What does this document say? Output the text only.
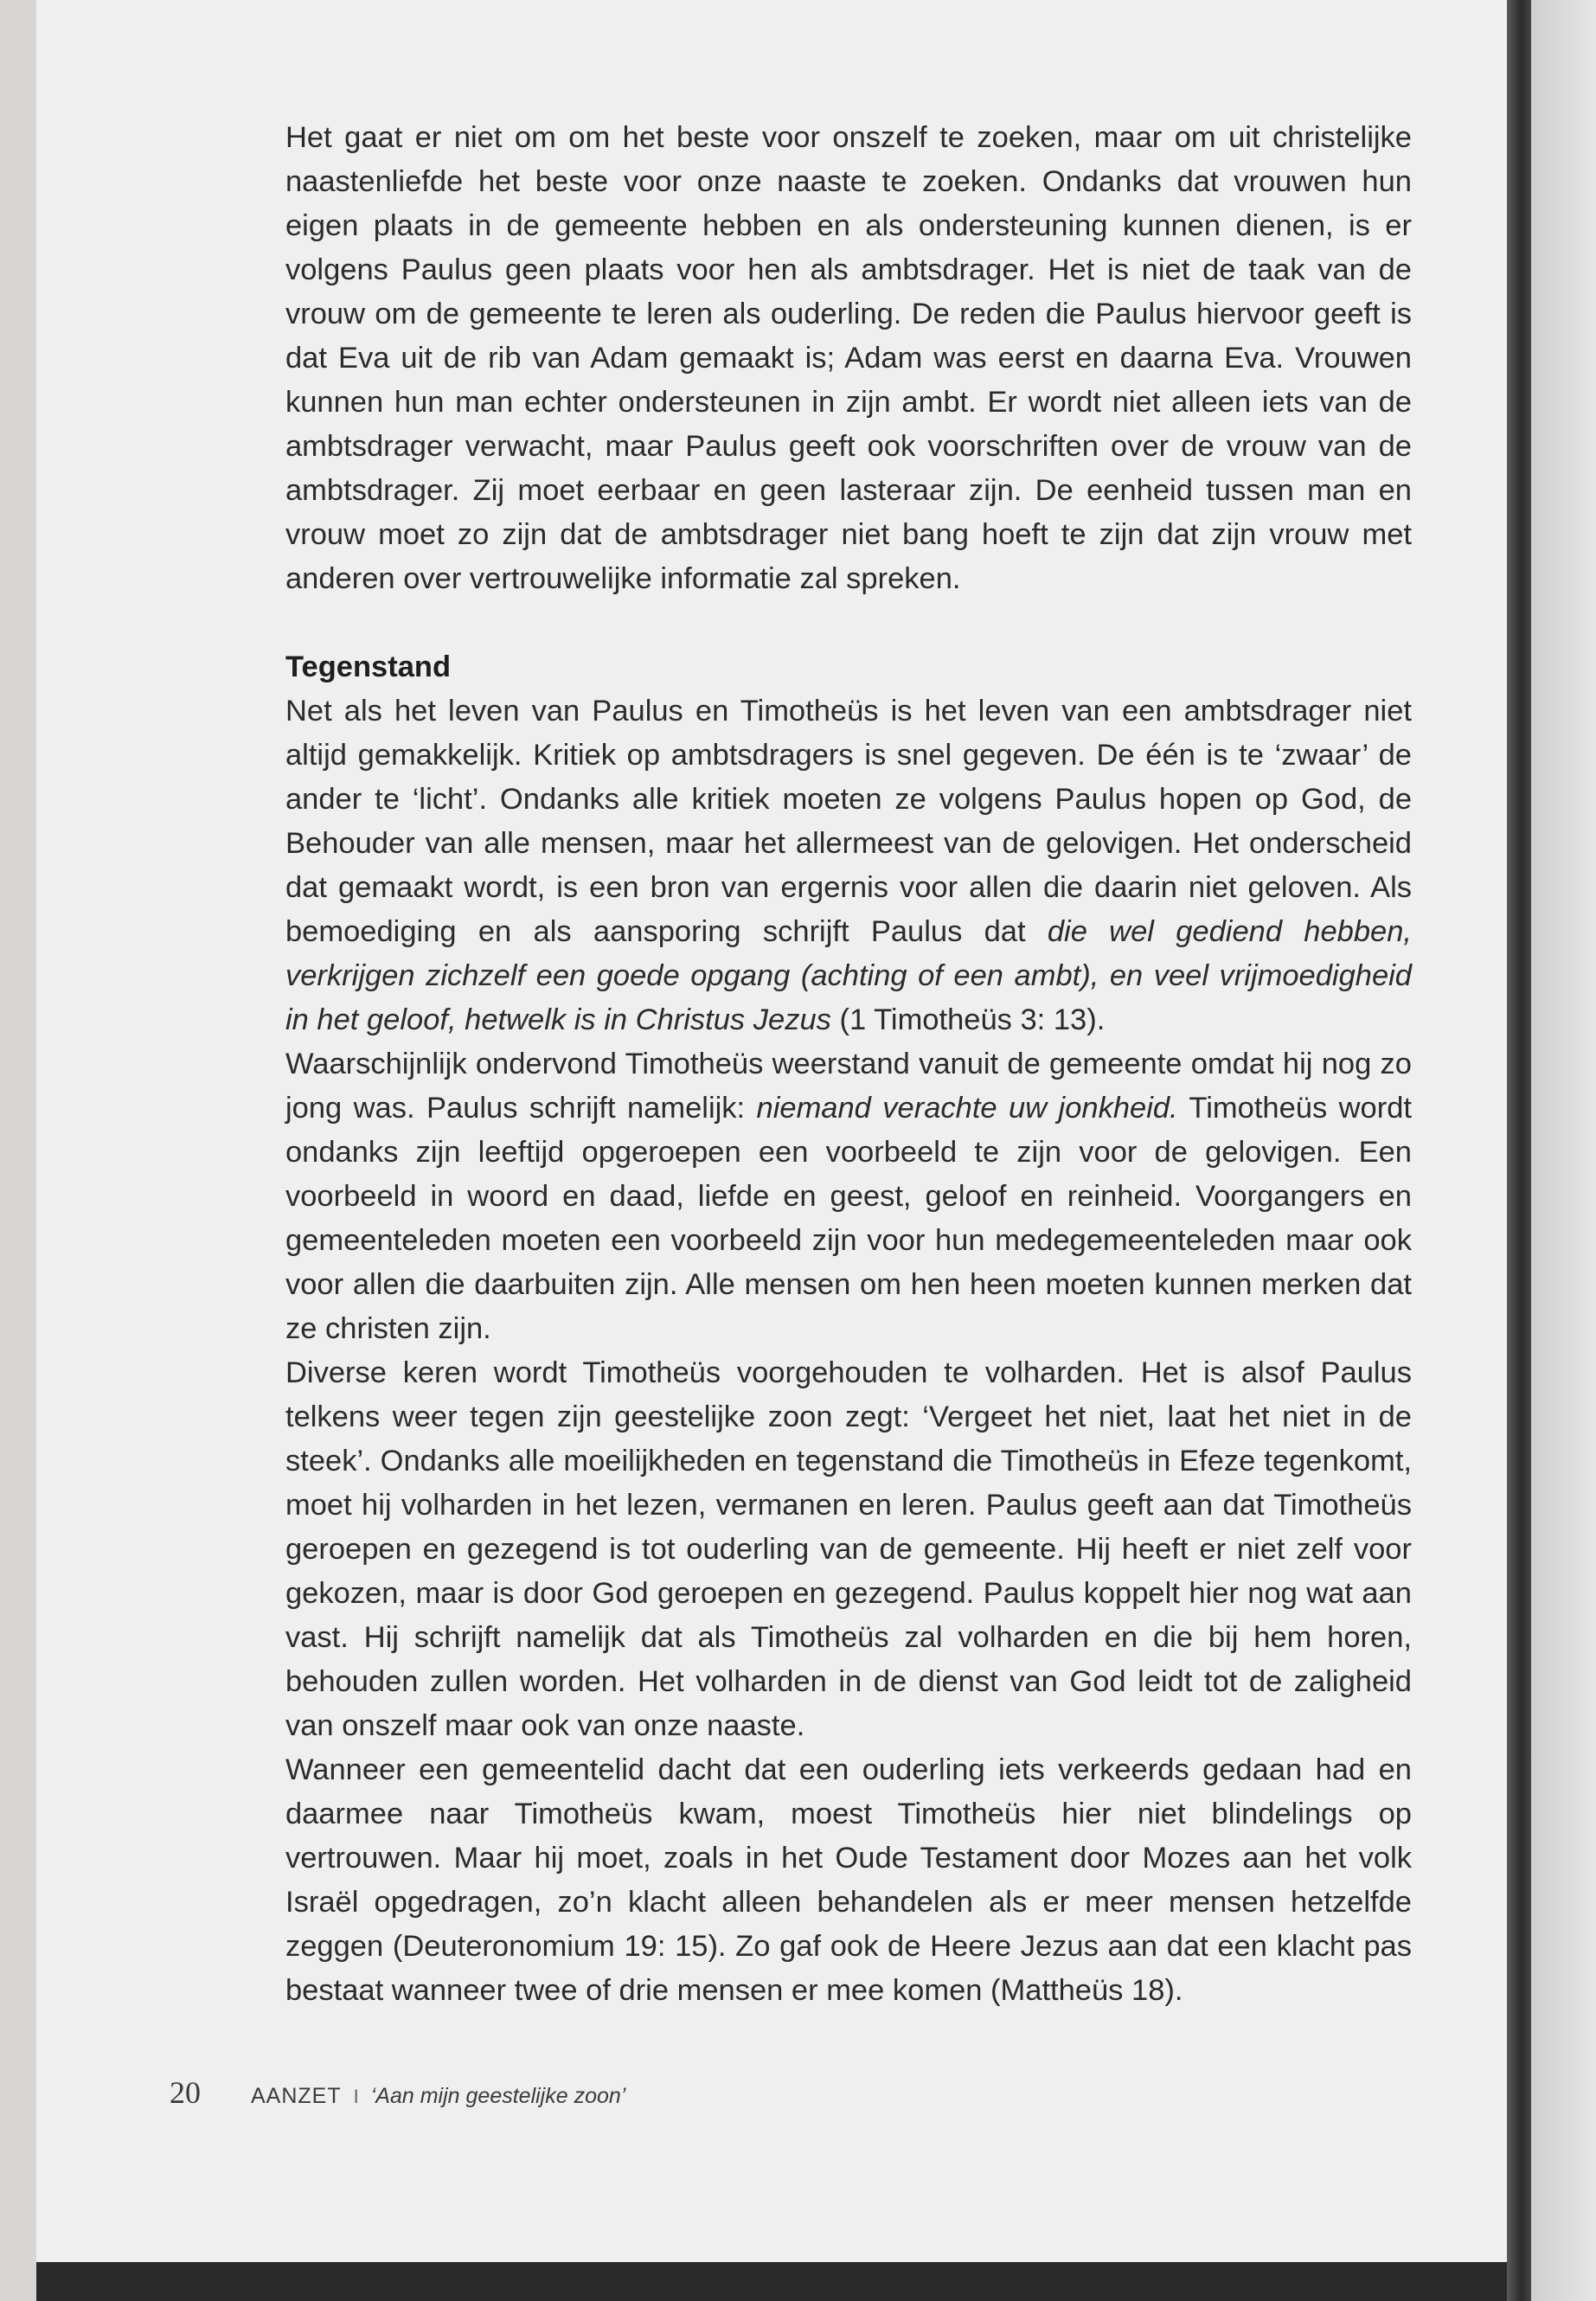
Het gaat er niet om om het beste voor onszelf te zoeken, maar om uit christelijke naastenliefde het beste voor onze naaste te zoeken. Ondanks dat vrouwen hun eigen plaats in de gemeente hebben en als ondersteuning kunnen dienen, is er volgens Paulus geen plaats voor hen als ambtsdrager. Het is niet de taak van de vrouw om de gemeente te leren als ouderling. De reden die Paulus hiervoor geeft is dat Eva uit de rib van Adam gemaakt is; Adam was eerst en daarna Eva. Vrouwen kunnen hun man echter ondersteunen in zijn ambt. Er wordt niet alleen iets van de ambtsdrager verwacht, maar Paulus geeft ook voorschriften over de vrouw van de ambtsdrager. Zij moet eerbaar en geen lasteraar zijn. De eenheid tussen man en vrouw moet zo zijn dat de ambtsdrager niet bang hoeft te zijn dat zijn vrouw met anderen over vertrouwelijke informatie zal spreken.

Tegenstand

Net als het leven van Paulus en Timotheüs is het leven van een ambtsdrager niet altijd gemakkelijk. Kritiek op ambtsdragers is snel gegeven. De één is te ‘zwaar’ de ander te ‘licht’. Ondanks alle kritiek moeten ze volgens Paulus hopen op God, de Behouder van alle mensen, maar het allermeest van de gelovigen. Het onderscheid dat gemaakt wordt, is een bron van ergernis voor allen die daarin niet geloven. Als bemoediging en als aansporing schrijft Paulus dat die wel gediend hebben, verkrijgen zichzelf een goede opgang (achting of een ambt), en veel vrijmoedigheid in het geloof, hetwelk is in Christus Jezus (1 Timotheüs 3: 13).

Waarschijnlijk ondervond Timotheüs weerstand vanuit de gemeente omdat hij nog zo jong was. Paulus schrijft namelijk: niemand verachte uw jonkheid. Timotheüs wordt ondanks zijn leeftijd opgeroepen een voorbeeld te zijn voor de gelovigen. Een voorbeeld in woord en daad, liefde en geest, geloof en reinheid. Voorgangers en gemeenteleden moeten een voorbeeld zijn voor hun medegemeenteleden maar ook voor allen die daarbuiten zijn. Alle mensen om hen heen moeten kunnen merken dat ze christen zijn.

Diverse keren wordt Timotheüs voorgehouden te volharden. Het is alsof Paulus telkens weer tegen zijn geestelijke zoon zegt: ‘Vergeet het niet, laat het niet in de steek’. Ondanks alle moeilijkheden en tegenstand die Timotheüs in Efeze tegenkomt, moet hij volharden in het lezen, vermanen en leren. Paulus geeft aan dat Timotheüs geroepen en gezegend is tot ouderling van de gemeente. Hij heeft er niet zelf voor gekozen, maar is door God geroepen en gezegend. Paulus koppelt hier nog wat aan vast. Hij schrijft namelijk dat als Timotheüs zal volharden en die bij hem horen, behouden zullen worden. Het volharden in de dienst van God leidt tot de zaligheid van onszelf maar ook van onze naaste.

Wanneer een gemeentelid dacht dat een ouderling iets verkeerds gedaan had en daarmee naar Timotheüs kwam, moest Timotheüs hier niet blindelings op vertrouwen. Maar hij moet, zoals in het Oude Testament door Mozes aan het volk Israël opgedragen, zo’n klacht alleen behandelen als er meer mensen hetzelfde zeggen (Deuteronomium 19: 15). Zo gaf ook de Heere Jezus aan dat een klacht pas bestaat wanneer twee of drie mensen er mee komen (Mattheüs 18).

20 AANZET I ‘Aan mijn geestelijke zoon’
